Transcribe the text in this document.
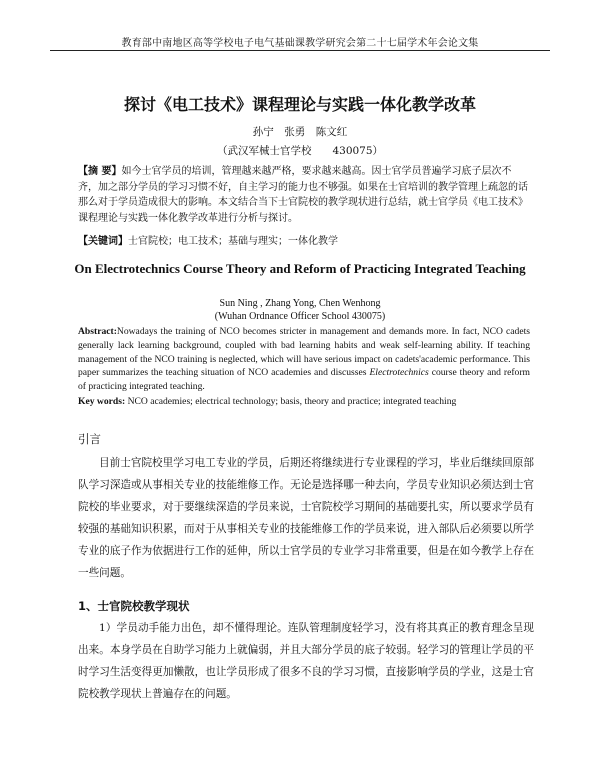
教育部中南地区高等学校电子电气基础课教学研究会第二十七届学术年会论文集
探讨《电工技术》课程理论与实践一体化教学改革
孙宁　张勇　陈文红
（武汉军械士官学校　　430075）
【摘 要】如今士官学员的培训，管理越来越严格，要求越来越高。因士官学员普遍学习底子层次不齐，加之部分学员的学习习惯不好，自主学习的能力也不够强。如果在士官培训的教学管理上疏忽的话那么对于学员造成很大的影响。本文结合当下士官院校的教学现状进行总结，就士官学员《电工技术》课程理论与实践一体化教学改革进行分析与探讨。
【关键词】士官院校；电工技术；基础与理实；一体化教学
On Electrotechnics Course Theory and Reform of Practicing Integrated Teaching
Sun Ning , Zhang Yong, Chen Wenhong
(Wuhan Ordnance Officer School 430075)
Abstract:Nowadays the training of NCO becomes stricter in management and demands more. In fact, NCO cadets generally lack learning background, coupled with bad learning habits and weak self-learning ability. If teaching management of the NCO training is neglected, which will have serious impact on cadets'academic performance. This paper summarizes the teaching situation of NCO academies and discusses Electrotechnics course theory and reform of practicing integrated teaching.
Key words: NCO academies; electrical technology; basis, theory and practice; integrated teaching
引言
目前士官院校里学习电工专业的学员，后期还将继续进行专业课程的学习，毕业后继续回原部队学习深造或从事相关专业的技能维修工作。无论是选择哪一种去向，学员专业知识必须达到士官院校的毕业要求，对于要继续深造的学员来说，士官院校学习期间的基础要扎实，所以要求学员有较强的基础知识积累，而对于从事相关专业的技能维修工作的学员来说，进入部队后必须要以所学专业的底子作为依据进行工作的延伸，所以士官学员的专业学习非常重要，但是在如今教学上存在一些问题。
1、士官院校教学现状
1）学员动手能力出色，却不懂得理论。连队管理制度轻学习，没有将其真正的教育理念呈现出来。本身学员在自助学习能力上就偏弱，并且大部分学员的底子较弱。轻学习的管理让学员的平时学习生活变得更加懒散，也让学员形成了很多不良的学习习惯，直接影响学员的学业，这是士官院校教学现状上普遍存在的问题。
